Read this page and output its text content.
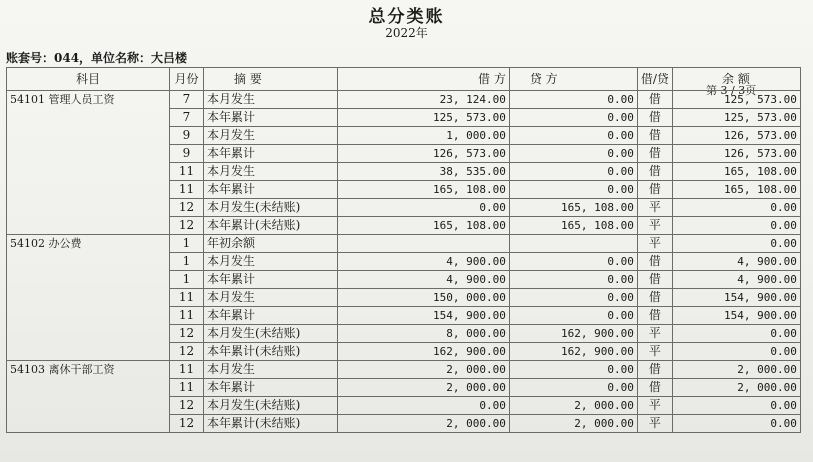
总分类账
2022年
账套号：044，单位名称：大吕楼
第 3 / 3页
科目	月份	摘 要	借 方	贷 方	借/贷	余 额
54101 管理人员工资	7	本月发生	23, 124.00	0.00	借	125, 573.00
	7	本年累计	125, 573.00	0.00	借	125, 573.00
	9	本月发生	1, 000.00	0.00	借	126, 573.00
	9	本年累计	126, 573.00	0.00	借	126, 573.00
	11	本月发生	38, 535.00	0.00	借	165, 108.00
	11	本年累计	165, 108.00	0.00	借	165, 108.00
	12	本月发生(未结账)	0.00	165, 108.00	平	0.00
	12	本年累计(未结账)	165, 108.00	165, 108.00	平	0.00
54102 办公费	1	年初余额			平	0.00
	1	本月发生	4, 900.00	0.00	借	4, 900.00
	1	本年累计	4, 900.00	0.00	借	4, 900.00
	11	本月发生	150, 000.00	0.00	借	154, 900.00
	11	本年累计	154, 900.00	0.00	借	154, 900.00
	12	本月发生(未结账)	8, 000.00	162, 900.00	平	0.00
	12	本年累计(未结账)	162, 900.00	162, 900.00	平	0.00
54103 离休干部工资	11	本月发生	2, 000.00	0.00	借	2, 000.00
	11	本年累计	2, 000.00	0.00	借	2, 000.00
	12	本月发生(未结账)	0.00	2, 000.00	平	0.00
	12	本年累计(未结账)	2, 000.00	2, 000.00	平	0.00
